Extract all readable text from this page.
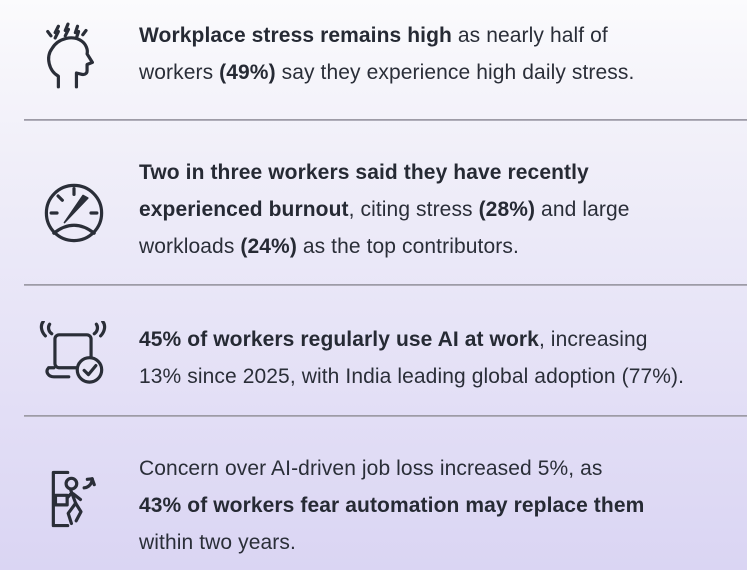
Workplace stress remains high as nearly half of
workers (49%) say they experience high daily stress.
Two in three workers said they have recently
experienced burnout, citing stress (28%) and large
workloads (24%) as the top contributors.
45% of workers regularly use AI at work, increasing
13% since 2025, with India leading global adoption (77%).
Concern over AI-driven job loss increased 5%, as
43% of workers fear automation may replace them
within two years.
